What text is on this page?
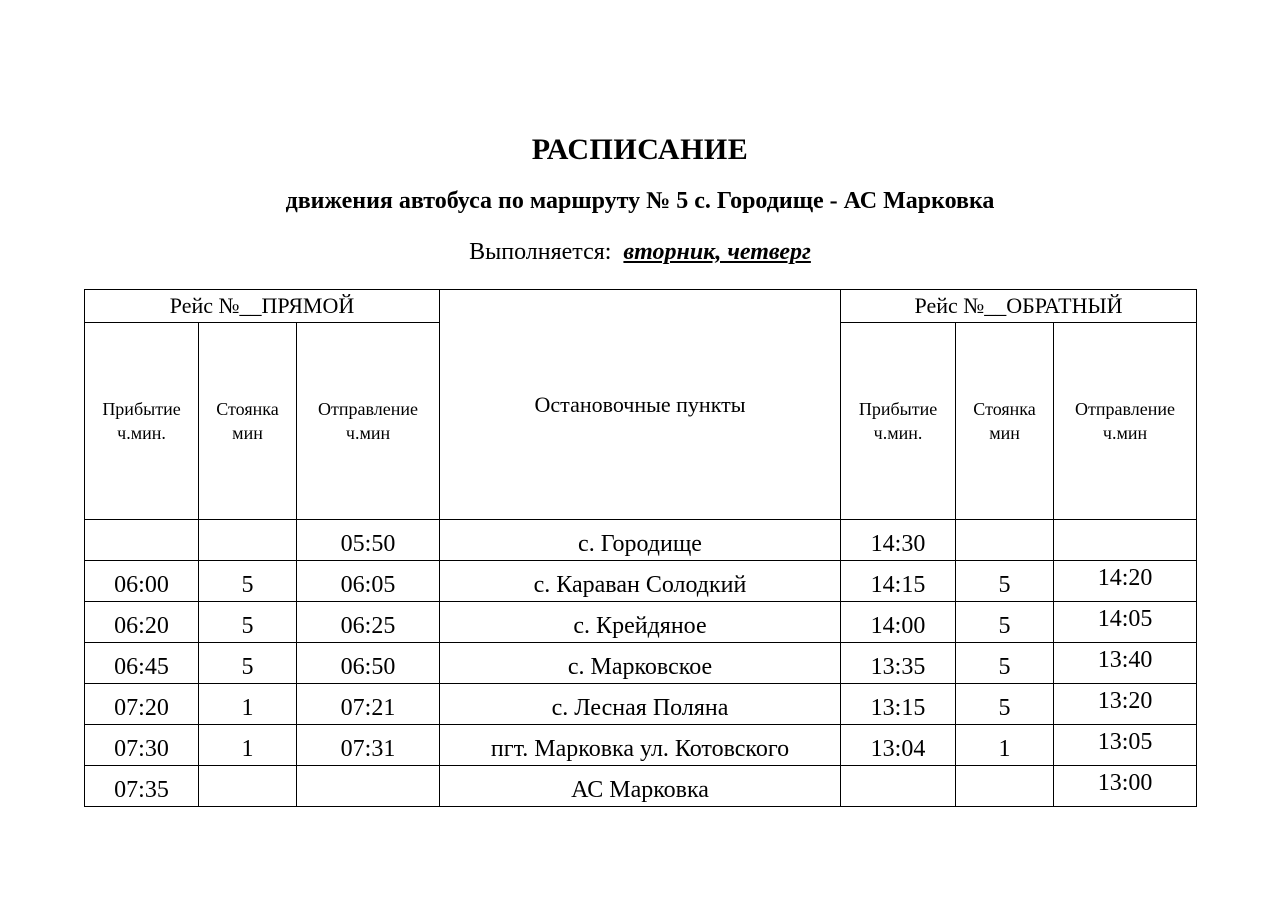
РАСПИСАНИЕ
движения автобуса по маршруту № 5 с. Городище - АС Марковка
Выполняется: вторник, четверг
Рейс №__ПРЯМОЙ			Остановочные пункты	Рейс №__ОБРАТНЫЙ		
Прибытие
ч.мин.	Стоянка
мин	Отправление
ч.мин		Прибытие
ч.мин.	Стоянка
мин	Отправление
ч.мин

		05:50	с. Городище	14:30		

06:00	5	06:05	с. Караван Солодкий	14:15	5	14:20

06:20	5	06:25	с. Крейдяное	14:00	5	14:05

06:45	5	06:50	с. Марковское	13:35	5	13:40

07:20	1	07:21	с. Лесная Поляна	13:15	5	13:20

07:30	1	07:31	пгт. Марковка ул. Котовского	13:04	1	13:05

07:35			АС Марковка			13:00
